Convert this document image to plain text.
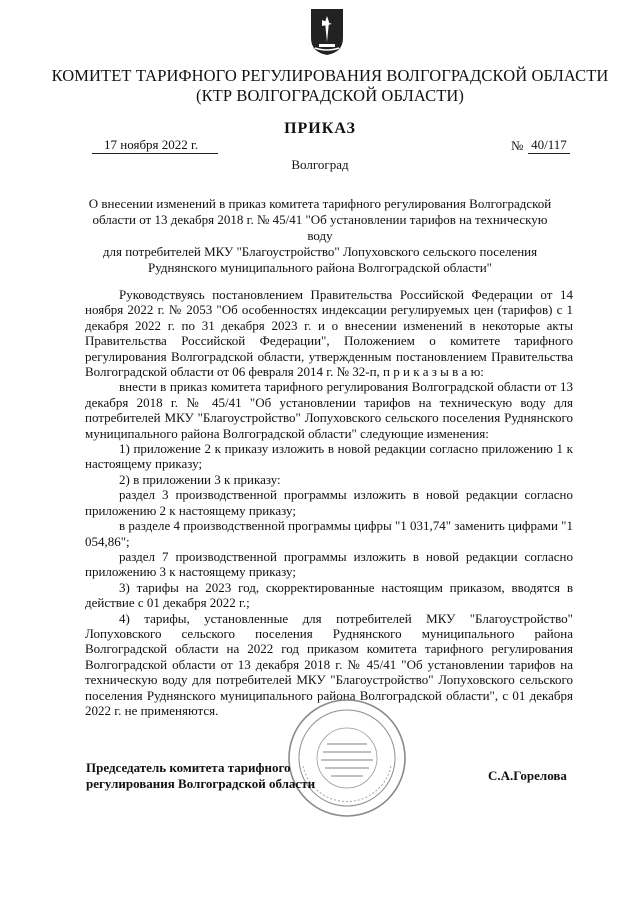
КОМИТЕТ ТАРИФНОГО РЕГУЛИРОВАНИЯ ВОЛГОГРАДСКОЙ ОБЛАСТИ
(КТР ВОЛГОГРАДСКОЙ ОБЛАСТИ)
ПРИКАЗ
17 ноября 2022 г.	№ 40/117
Волгоград
О внесении изменений в приказ комитета тарифного регулирования Волгоградской
области от 13 декабря 2018 г. № 45/41 "Об установлении тарифов на техническую воду
для потребителей МКУ "Благоустройство" Лопуховского сельского поселения
Руднянского муниципального района Волгоградской области"

Руководствуясь постановлением Правительства Российской Федерации от 14 ноября 2022 г. № 2053 "Об особенностях индексации регулируемых цен (тарифов) с 1 декабря 2022 г. по 31 декабря 2023 г. и о внесении изменений в некоторые акты Правительства Российской Федерации", Положением о комитете тарифного регулирования Волгоградской области, утвержденным постановлением Правительства Волгоградской области от 06 февраля 2014 г. № 32-п, п р и к а з ы в а ю:

внести в приказ комитета тарифного регулирования Волгоградской области от 13 декабря 2018 г. № 45/41 "Об установлении тарифов на техническую воду для потребителей МКУ "Благоустройство" Лопуховского сельского поселения Руднянского муниципального района Волгоградской области" следующие изменения:

1) приложение 2 к приказу изложить в новой редакции согласно приложению 1 к настоящему приказу;

2) в приложении 3 к приказу:

раздел 3 производственной программы изложить в новой редакции согласно приложению 2 к настоящему приказу;

в разделе 4 производственной программы цифры "1 031,74" заменить цифрами "1 054,86";

раздел 7 производственной программы изложить в новой редакции согласно приложению 3 к настоящему приказу;

3) тарифы на 2023 год, скорректированные настоящим приказом, вводятся в действие с 01 декабря 2022 г.;

4) тарифы, установленные для потребителей МКУ "Благоустройство" Лопуховского сельского поселения Руднянского муниципального района Волгоградской области на 2022 год приказом комитета тарифного регулирования Волгоградской области от 13 декабря 2018 г. № 45/41 "Об установлении тарифов на техническую воду для потребителей МКУ "Благоустройство" Лопуховского сельского поселения Руднянского муниципального района Волгоградской области", с 01 декабря 2022 г. не применяются.

Председатель комитета тарифного
регулирования Волгоградской области
С.А.Горелова
